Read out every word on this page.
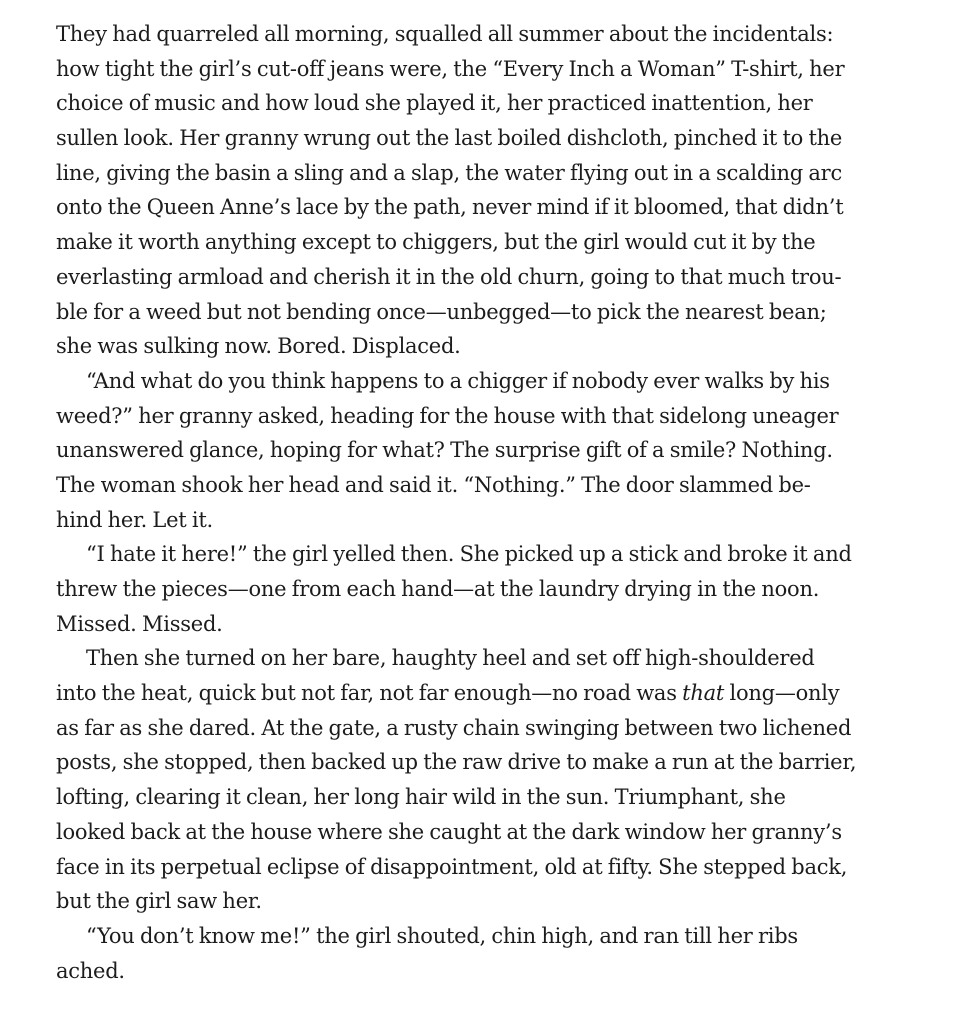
They had quarreled all morning, squalled all summer about the incidentals:
how tight the girl’s cut-off jeans were, the “Every Inch a Woman” T-shirt, her
choice of music and how loud she played it, her practiced inattention, her
sullen look. Her granny wrung out the last boiled dishcloth, pinched it to the
line, giving the basin a sling and a slap, the water flying out in a scalding arc
onto the Queen Anne’s lace by the path, never mind if it bloomed, that didn’t
make it worth anything except to chiggers, but the girl would cut it by the
everlasting armload and cherish it in the old churn, going to that much trou-
ble for a weed but not bending once—unbegged—to pick the nearest bean;
she was sulking now. Bored. Displaced.
“And what do you think happens to a chigger if nobody ever walks by his
weed?” her granny asked, heading for the house with that sidelong uneager
unanswered glance, hoping for what? The surprise gift of a smile? Nothing.
The woman shook her head and said it. “Nothing.” The door slammed be-
hind her. Let it.
“I hate it here!” the girl yelled then. She picked up a stick and broke it and
threw the pieces—one from each hand—at the laundry drying in the noon.
Missed. Missed.
Then she turned on her bare, haughty heel and set off high-shouldered
into the heat, quick but not far, not far enough—no road was that long—only
as far as she dared. At the gate, a rusty chain swinging between two lichened
posts, she stopped, then backed up the raw drive to make a run at the barrier,
lofting, clearing it clean, her long hair wild in the sun. Triumphant, she
looked back at the house where she caught at the dark window her granny’s
face in its perpetual eclipse of disappointment, old at fifty. She stepped back,
but the girl saw her.
“You don’t know me!” the girl shouted, chin high, and ran till her ribs
ached.
